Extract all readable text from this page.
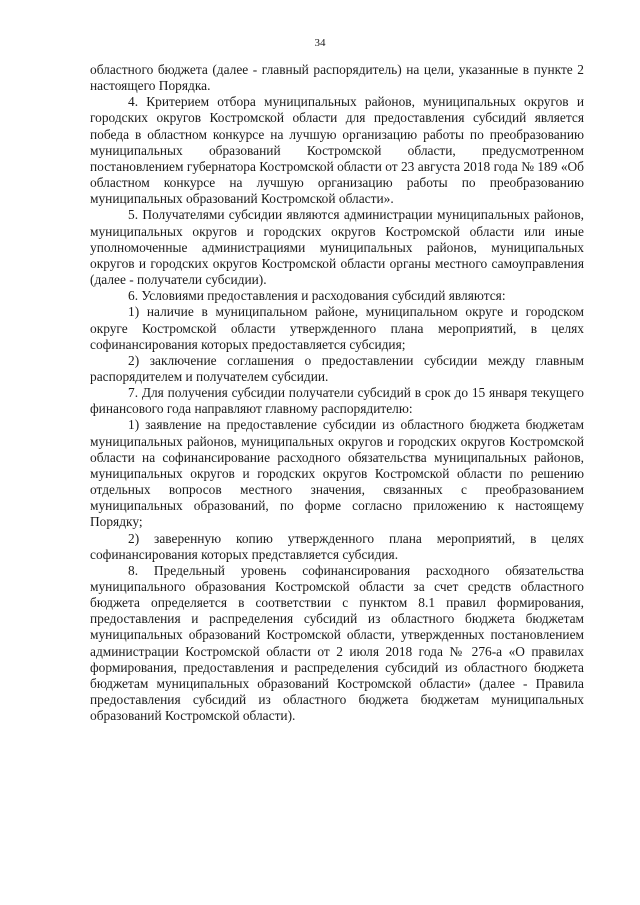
34

областного бюджета (далее - главный распорядитель) на цели, указанные в пункте 2 настоящего Порядка.

4. Критерием отбора муниципальных районов, муниципальных округов и городских округов Костромской области для предоставления субсидий является победа в областном конкурсе на лучшую организацию работы по преобразованию муниципальных образований Костромской области, предусмотренном постановлением губернатора Костромской области от 23 августа 2018 года № 189 «Об областном конкурсе на лучшую организацию работы по преобразованию муниципальных образований Костромской области».

5. Получателями субсидии являются администрации муниципальных районов, муниципальных округов и городских округов Костромской области или иные уполномоченные администрациями муниципальных районов, муниципальных округов и городских округов Костромской области органы местного самоуправления (далее - получатели субсидии).

6. Условиями предоставления и расходования субсидий являются:

1) наличие в муниципальном районе, муниципальном округе и городском округе Костромской области утвержденного плана мероприятий, в целях софинансирования которых предоставляется субсидия;

2) заключение соглашения о предоставлении субсидии между главным распорядителем и получателем субсидии.

7. Для получения субсидии получатели субсидий в срок до 15 января текущего финансового года направляют главному распорядителю:

1) заявление на предоставление субсидии из областного бюджета бюджетам муниципальных районов, муниципальных округов и городских округов Костромской области на софинансирование расходного обязательства муниципальных районов, муниципальных округов и городских округов Костромской области по решению отдельных вопросов местного значения, связанных с преобразованием муниципальных образований, по форме согласно приложению к настоящему Порядку;

2) заверенную копию утвержденного плана мероприятий, в целях софинансирования которых представляется субсидия.

8. Предельный уровень софинансирования расходного обязательства муниципального образования Костромской области за счет средств областного бюджета определяется в соответствии с пунктом 8.1 правил формирования, предоставления и распределения субсидий из областного бюджета бюджетам муниципальных образований Костромской области, утвержденных постановлением администрации Костромской области от 2 июля 2018 года № 276-а «О правилах формирования, предоставления и распределения субсидий из областного бюджета бюджетам муниципальных образований Костромской области» (далее - Правила предоставления субсидий из областного бюджета бюджетам муниципальных образований Костромской области).
